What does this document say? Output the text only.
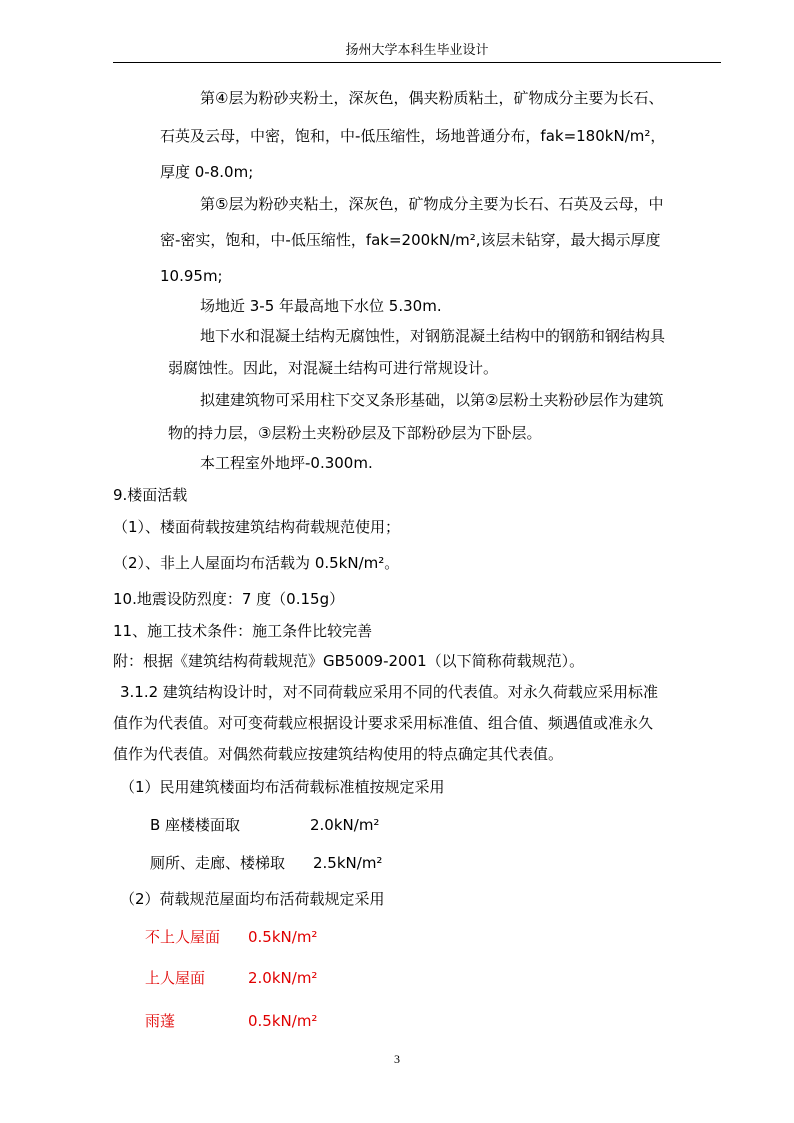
扬州大学本科生毕业设计
第④层为粉砂夹粉土，深灰色，偶夹粉质粘土，矿物成分主要为长石、
石英及云母，中密，饱和，中-低压缩性，场地普通分布，fak=180kN/m²，
厚度 0-8.0m;
第⑤层为粉砂夹粘土，深灰色，矿物成分主要为长石、石英及云母，中
密-密实，饱和，中-低压缩性，fak=200kN/m²,该层未钻穿，最大揭示厚度
10.95m;
场地近 3-5 年最高地下水位 5.30m.
地下水和混凝土结构无腐蚀性，对钢筋混凝土结构中的钢筋和钢结构具
弱腐蚀性。因此，对混凝土结构可进行常规设计。
拟建建筑物可采用柱下交叉条形基础，以第②层粉土夹粉砂层作为建筑
物的持力层，③层粉土夹粉砂层及下部粉砂层为下卧层。
本工程室外地坪-0.300m.
9.楼面活载
（1）、楼面荷载按建筑结构荷载规范使用；
（2）、非上人屋面均布活载为 0.5kN/m²。
10.地震设防烈度：7 度（0.15g）
11、施工技术条件：施工条件比较完善
附：根据《建筑结构荷载规范》GB5009-2001（以下简称荷载规范）。
3.1.2 建筑结构设计时，对不同荷载应采用不同的代表值。对永久荷载应采用标准
值作为代表值。对可变荷载应根据设计要求采用标准值、组合值、频遇值或准永久
值作为代表值。对偶然荷载应按建筑结构使用的特点确定其代表值。
（1）民用建筑楼面均布活荷载标准植按规定采用
B 座楼楼面取	2.0kN/m²
厕所、走廊、楼梯取 2.5kN/m²
（2）荷载规范屋面均布活荷载规定采用
不上人屋面 0.5kN/m²
上人屋面	2.0kN/m²
雨蓬	0.5kN/m²
3
